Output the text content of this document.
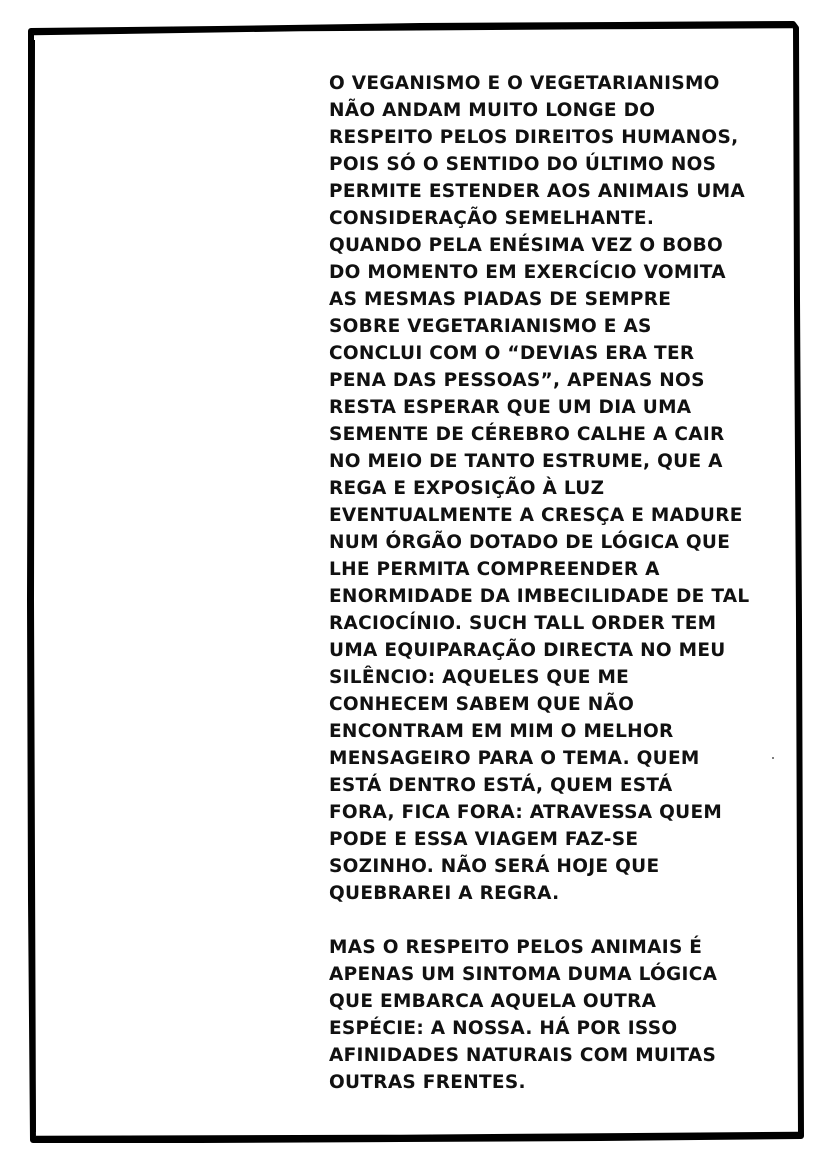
O VEGANISMO E O VEGETARIANISMO
NÃO ANDAM MUITO LONGE DO
RESPEITO PELOS DIREITOS HUMANOS,
POIS SÓ O SENTIDO DO ÚLTIMO NOS
PERMITE ESTENDER AOS ANIMAIS UMA
CONSIDERAÇÃO SEMELHANTE.
QUANDO PELA ENÉSIMA VEZ O BOBO
DO MOMENTO EM EXERCÍCIO VOMITA
AS MESMAS PIADAS DE SEMPRE
SOBRE VEGETARIANISMO E AS
CONCLUI COM O “DEVIAS ERA TER
PENA DAS PESSOAS”, APENAS NOS
RESTA ESPERAR QUE UM DIA UMA
SEMENTE DE CÉREBRO CALHE A CAIR
NO MEIO DE TANTO ESTRUME, QUE A
REGA E EXPOSIÇÃO À LUZ
EVENTUALMENTE A CRESÇA E MADURE
NUM ÓRGÃO DOTADO DE LÓGICA QUE
LHE PERMITA COMPREENDER A
ENORMIDADE DA IMBECILIDADE DE TAL
RACIOCÍNIO. SUCH TALL ORDER TEM
UMA EQUIPARAÇÃO DIRECTA NO MEU
SILÊNCIO: AQUELES QUE ME
CONHECEM SABEM QUE NÃO
ENCONTRAM EM MIM O MELHOR
MENSAGEIRO PARA O TEMA. QUEM
ESTÁ DENTRO ESTÁ, QUEM ESTÁ
FORA, FICA FORA: ATRAVESSA QUEM
PODE E ESSA VIAGEM FAZ-SE
SOZINHO. NÃO SERÁ HOJE QUE
QUEBRAREI A REGRA.

MAS O RESPEITO PELOS ANIMAIS É
APENAS UM SINTOMA DUMA LÓGICA
QUE EMBARCA AQUELA OUTRA
ESPÉCIE: A NOSSA. HÁ POR ISSO
AFINIDADES NATURAIS COM MUITAS
OUTRAS FRENTES.
